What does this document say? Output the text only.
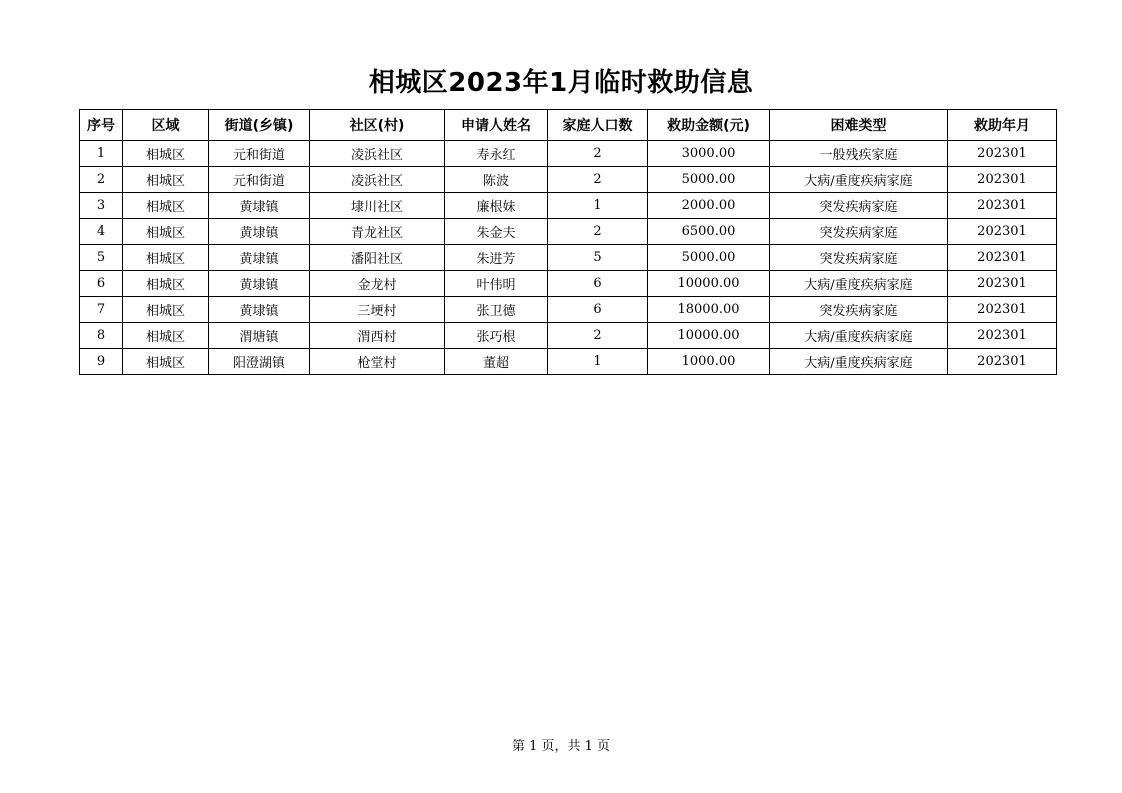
相城区2023年1月临时救助信息
序号	区域	街道(乡镇)	社区(村)	申请人姓名	家庭人口数	救助金额(元)	困难类型	救助年月
1	相城区	元和街道	凌浜社区	寿永红	2	3000.00	一般残疾家庭	202301
2	相城区	元和街道	凌浜社区	陈波	2	5000.00	大病/重度疾病家庭	202301
3	相城区	黄埭镇	埭川社区	廉根妹	1	2000.00	突发疾病家庭	202301
4	相城区	黄埭镇	青龙社区	朱金夫	2	6500.00	突发疾病家庭	202301
5	相城区	黄埭镇	潘阳社区	朱进芳	5	5000.00	突发疾病家庭	202301
6	相城区	黄埭镇	金龙村	叶伟明	6	10000.00	大病/重度疾病家庭	202301
7	相城区	黄埭镇	三埂村	张卫德	6	18000.00	突发疾病家庭	202301
8	相城区	渭塘镇	渭西村	张巧根	2	10000.00	大病/重度疾病家庭	202301
9	相城区	阳澄湖镇	枪堂村	董超	1	1000.00	大病/重度疾病家庭	202301
第 1 页，共 1 页
